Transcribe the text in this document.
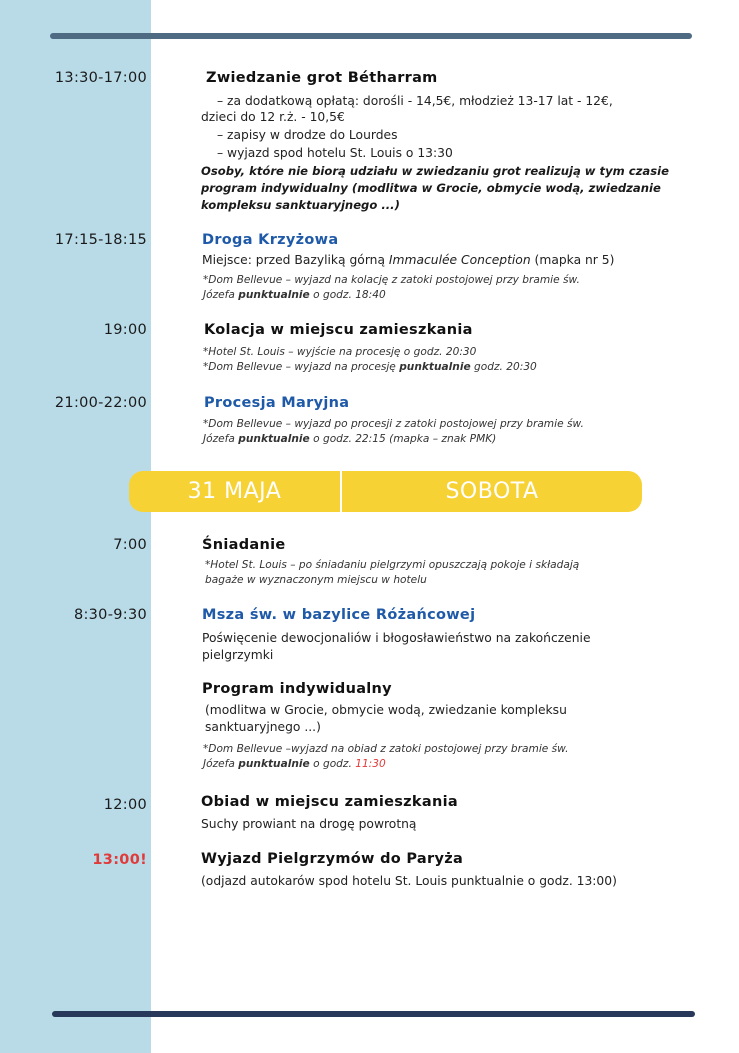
13:30-17:00	Zwiedzanie grot Bétharram
– za dodatkową opłatą: dorośli - 14,5€, młodzież 13-17 lat - 12€,
dzieci do 12 r.ż. - 10,5€
– zapisy w drodze do Lourdes
– wyjazd spod hotelu St. Louis o 13:30
Osoby, które nie biorą udziału w zwiedzaniu grot realizują w tym czasie
program indywidualny (modlitwa w Grocie, obmycie wodą, zwiedzanie
kompleksu sanktuaryjnego ...)
17:15-18:15	Droga Krzyżowa
Miejsce: przed Bazyliką górną Immaculée Conception (mapka nr 5)
*Dom Bellevue – wyjazd na kolację z zatoki postojowej przy bramie św.
Józefa punktualnie o godz. 18:40
19:00	Kolacja w miejscu zamieszkania
*Hotel St. Louis – wyjście na procesję o godz. 20:30
*Dom Bellevue – wyjazd na procesję punktualnie godz. 20:30
21:00-22:00	Procesja Maryjna
*Dom Bellevue – wyjazd po procesji z zatoki postojowej przy bramie św.
Józefa punktualnie o godz. 22:15 (mapka – znak PMK)
31 MAJA	SOBOTA
7:00	Śniadanie
*Hotel St. Louis – po śniadaniu pielgrzymi opuszczają pokoje i składają
bagaże w wyznaczonym miejscu w hotelu
8:30-9:30	Msza św. w bazylice Różańcowej
Poświęcenie dewocjonaliów i błogosławieństwo na zakończenie
pielgrzymki
Program indywidualny
(modlitwa w Grocie, obmycie wodą, zwiedzanie kompleksu
sanktuaryjnego ...)
*Dom Bellevue –wyjazd na obiad z zatoki postojowej przy bramie św.
Józefa punktualnie o godz. 11:30
12:00	Obiad w miejscu zamieszkania
Suchy prowiant na drogę powrotną
13:00!	Wyjazd Pielgrzymów do Paryża
(odjazd autokarów spod hotelu St. Louis punktualnie o godz. 13:00)
